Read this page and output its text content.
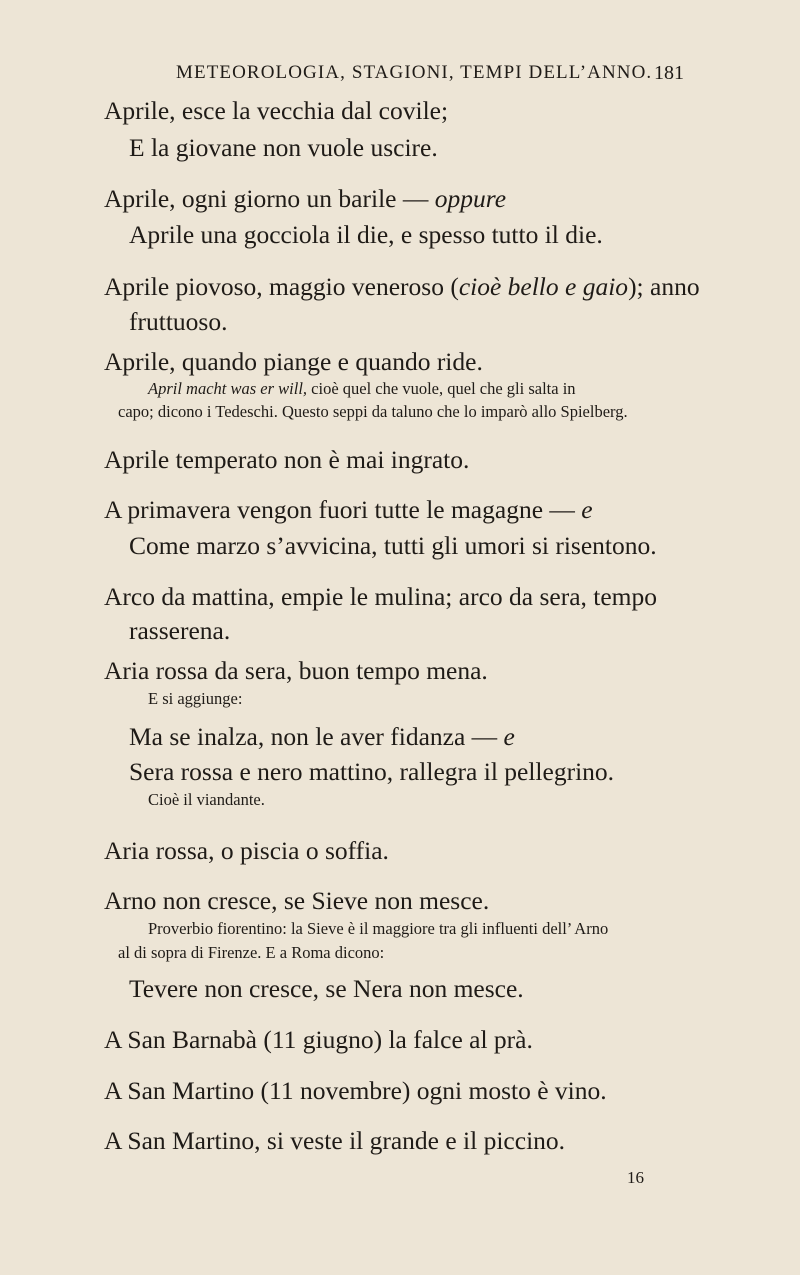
METEOROLOGIA, STAGIONI, TEMPI DELL’ANNO. 181
Aprile, esce la vecchia dal covile;
E la giovane non vuole uscire.
Aprile, ogni giorno un barile — oppure
Aprile una gocciola il die, e spesso tutto il die.
Aprile piovoso, maggio veneroso (cioè bello e gaio); anno
fruttuoso.
Aprile, quando piange e quando ride.
April macht was er will, cioè quel che vuole, quel che gli salta in
capo; dicono i Tedeschi. Questo seppi da taluno che lo imparò allo Spielberg.
Aprile temperato non è mai ingrato.
A primavera vengon fuori tutte le magagne — e
Come marzo s’avvicina, tutti gli umori si risentono.
Arco da mattina, empie le mulina; arco da sera, tempo
rasserena.
Aria rossa da sera, buon tempo mena.
E si aggiunge:
Ma se inalza, non le aver fidanza — e
Sera rossa e nero mattino, rallegra il pellegrino.
Cioè il viandante.
Aria rossa, o piscia o soffia.
Arno non cresce, se Sieve non mesce.
Proverbio fiorentino: la Sieve è il maggiore tra gli influenti dell’ Arno
al di sopra di Firenze. E a Roma dicono:
Tevere non cresce, se Nera non mesce.
A San Barnabà (11 giugno) la falce al prà.
A San Martino (11 novembre) ogni mosto è vino.
A San Martino, si veste il grande e il piccino.
16
